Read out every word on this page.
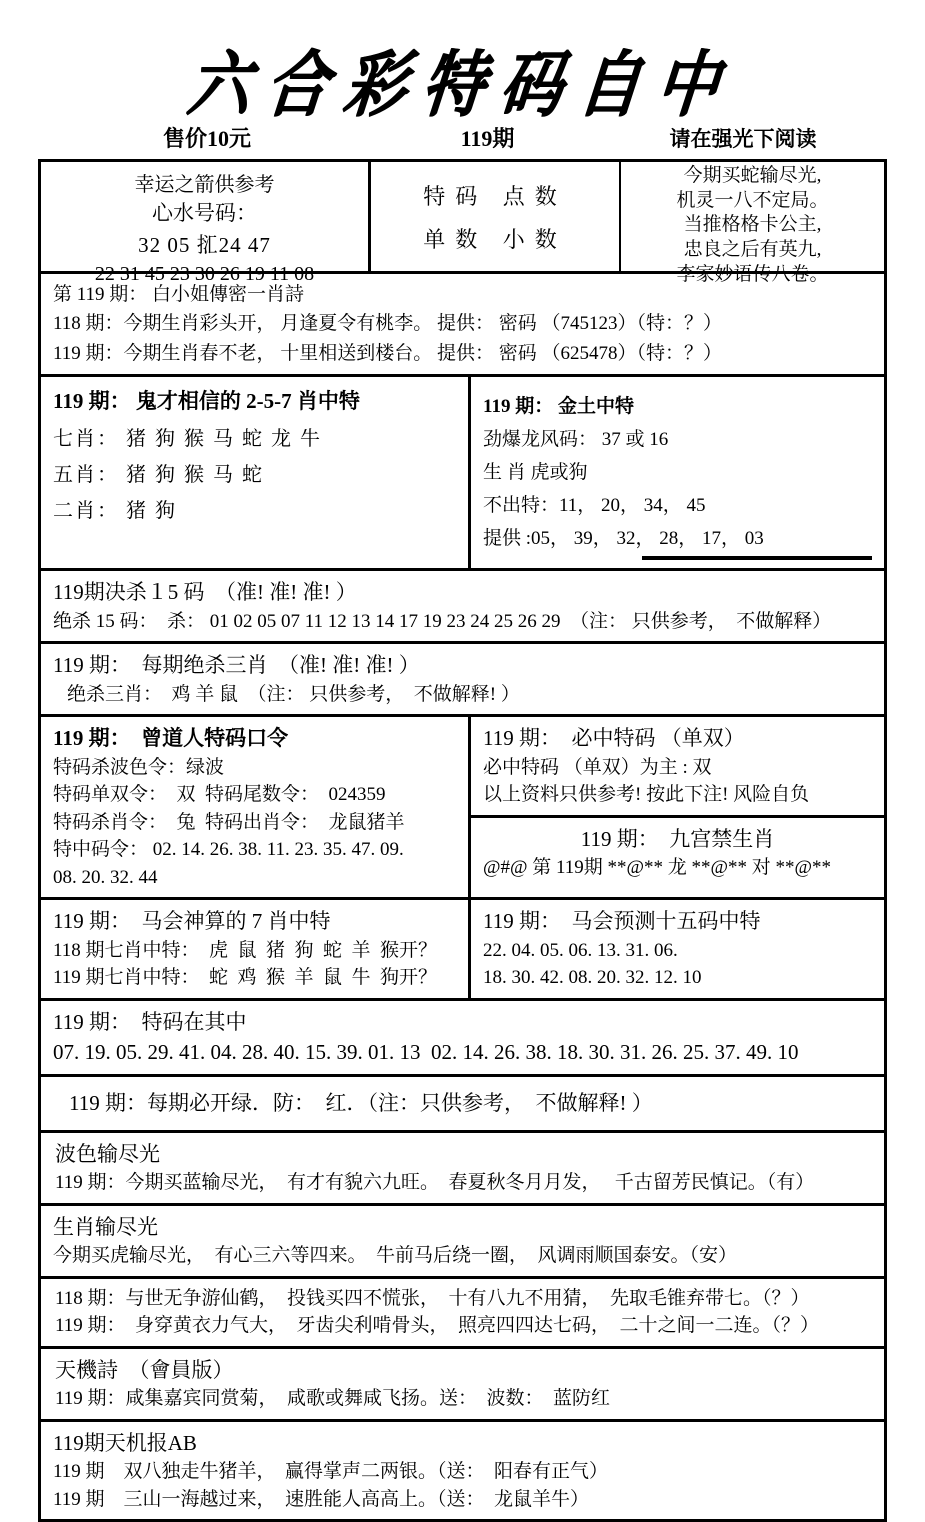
六合彩特码自中
售价10元	119期	请在强光下阅读
幸运之箭供参考
心水号码：
32 05 㧟24 47
22 31 45 23 30 26 19 11 08
特码 点数
单数 小数
今期买蛇输尽光,
机灵一八不定局。
当推格格卡公主,
忠良之后有英九,
李家妙语传八卷。
第 119 期： 白小姐傳密一肖詩
118 期：今期生肖彩头开， 月逢夏令有桃李。 提供： 密码 （745123）（特：？）
119 期：今期生肖春不老， 十里相送到楼台。 提供： 密码 （625478）（特：？）
119 期： 鬼才相信的 2-5-7 肖中特
七肖： 猪 狗 猴 马 蛇 龙 牛
五肖： 猪 狗 猴 马 蛇
二肖： 猪 狗
119 期： 金土中特
劲爆龙风码： 37 或 16
生 肖 虎或狗
不出特：11， 20， 34， 45
提供 :05， 39， 32， 28， 17， 03
119期决杀１5 码  （准! 准! 准! ）
绝杀 15 码：  杀： 01 02 05 07 11 12 13 14 17 19 23 24 25 26 29  （注： 只供参考，  不做解释）
119 期：  每期绝杀三肖  （准! 准! 准! ）
绝杀三肖：  鸡 羊 鼠  （注： 只供参考，  不做解释! ）
119 期：  曾道人特码口令
特码杀波色令：绿波
特码单双令：  双  特码尾数令：  024359
特码杀肖令：  兔  特码出肖令：  龙鼠猪羊
特中码令： 02. 14. 26. 38. 11. 23. 35. 47. 09.
08. 20. 32. 44
119 期：  必中特码 （单双）
必中特码 （单双）为主 : 双
以上资料只供参考! 按此下注! 风险自负
119 期：  九宫禁生肖
@#@ 第 119期 **@** 龙 **@** 对 **@**
119 期：  马会神算的 7 肖中特
118 期七肖中特：  虎  鼠  猪  狗  蛇  羊  猴开？
119 期七肖中特：  蛇  鸡  猴  羊  鼠  牛  狗开？
119 期：  马会预测十五码中特
22. 04. 05. 06. 13. 31. 06.
18. 30. 42. 08. 20. 32. 12. 10
119 期：  特码在其中
07. 19. 05. 29. 41. 04. 28. 40. 15. 39. 01. 13  02. 14. 26. 38. 18. 30. 31. 26. 25. 37. 49. 10
119 期：每期必开绿．防：  红．（注：只供参考，  不做解释! ）
波色输尽光
119 期：今期买蓝输尽光，  有才有貌六九旺。  春夏秋冬月月发，   千古留芳民慎记。（有）
生肖输尽光
今期买虎输尽光，  有心三六等四来。  牛前马后绕一圈，  风调雨顺国泰安。（安）
118 期：与世无争游仙鹤，  投钱买四不慌张，  十有八九不用猜，  先取毛锥弃带七。（？）
119 期：  身穿黄衣力气大，  牙齿尖利啃骨头，  照亮四四达七码，  二十之间一二连。（？）
天機詩  （會員版）
119 期：咸集嘉宾同赏菊，  咸歌或舞咸飞扬。送：  波数：  蓝防红
119期天机报AB
119 期    双八独走牛猪羊，  赢得掌声二两银。（送：  阳春有正气）
119 期    三山一海越过来，  速胜能人高高上。（送：  龙鼠羊牛）
